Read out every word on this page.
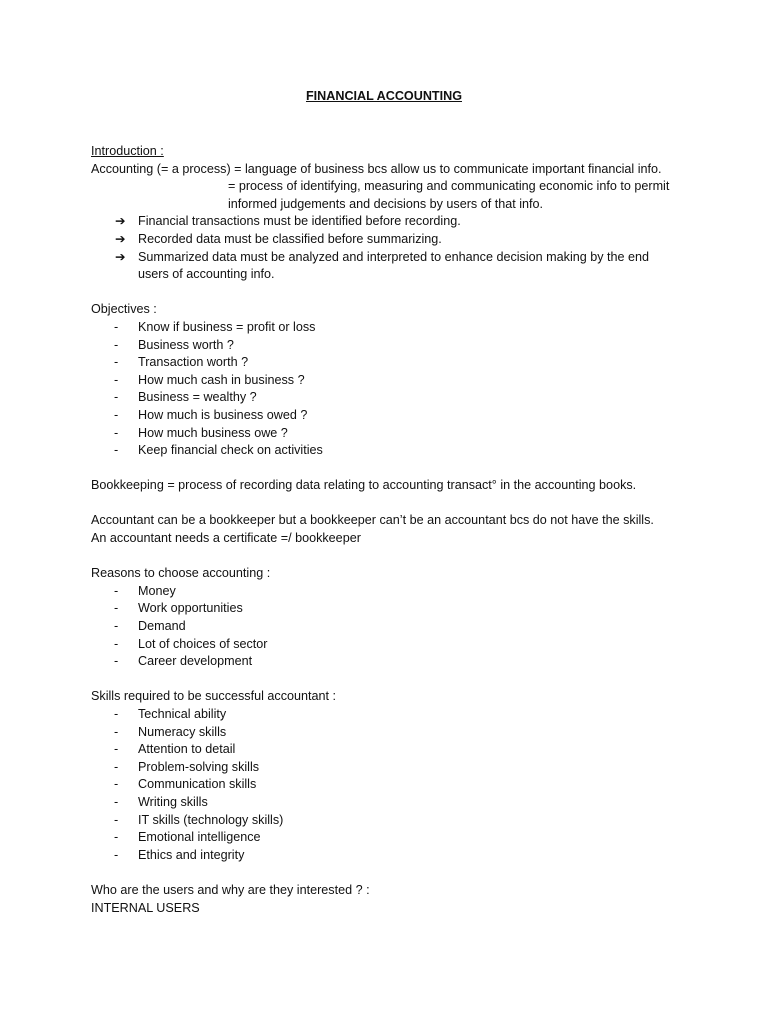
FINANCIAL ACCOUNTING
Introduction :
Accounting (= a process) = language of business bcs allow us to communicate important financial info.
= process of identifying, measuring and communicating economic info to permit informed judgements and decisions by users of that info.
➔ Financial transactions must be identified before recording.
➔ Recorded data must be classified before summarizing.
➔ Summarized data must be analyzed and interpreted to enhance decision making by the end users of accounting info.
Objectives :
- Know if business = profit or loss
- Business worth ?
- Transaction worth ?
- How much cash in business ?
- Business = wealthy ?
- How much is business owed ?
- How much business owe ?
- Keep financial check on activities
Bookkeeping = process of recording data relating to accounting transact° in the accounting books.
Accountant can be a bookkeeper but a bookkeeper can’t be an accountant bcs do not have the skills.
An accountant needs a certificate =/ bookkeeper
Reasons to choose accounting :
- Money
- Work opportunities
- Demand
- Lot of choices of sector
- Career development
Skills required to be successful accountant :
- Technical ability
- Numeracy skills
- Attention to detail
- Problem-solving skills
- Communication skills
- Writing skills
- IT skills (technology skills)
- Emotional intelligence
- Ethics and integrity
Who are the users and why are they interested ? :
INTERNAL USERS
